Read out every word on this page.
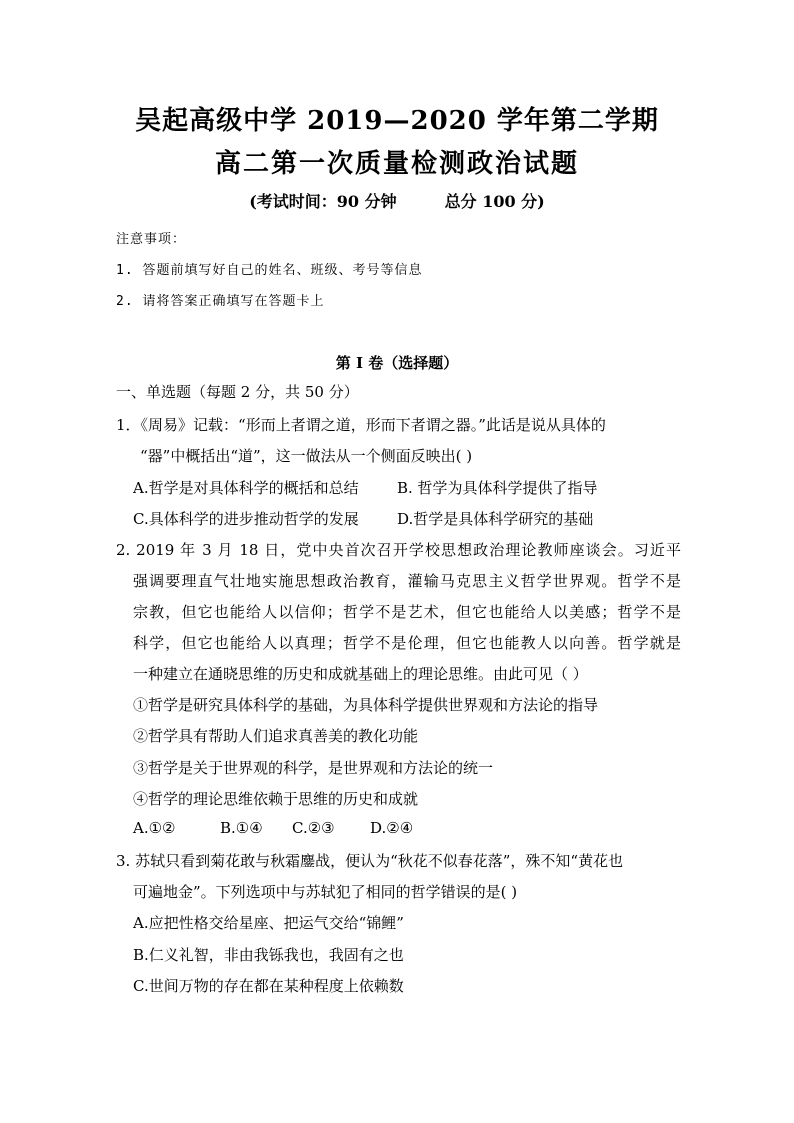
吴起高级中学 2019—2020 学年第二学期
高二第一次质量检测政治试题
(考试时间：90 分钟	总分 100 分)
注意事项：
1. 答题前填写好自己的姓名、班级、考号等信息
2. 请将答案正确填写在答题卡上
第 I 卷（选择题）
一、单选题（每题 2 分，共 50 分）
1．《周易》记载：“形而上者谓之道，形而下者谓之器。”此话是说从具体的
“器”中概括出“道”，这一做法从一个侧面反映出( )
A.哲学是对具体科学的概括和总结	B. 哲学为具体科学提供了指导
C.具体科学的进步推动哲学的发展	D.哲学是具体科学研究的基础
2. 2019 年 3 月 18 日，党中央首次召开学校思想政治理论教师座谈会。习近平
强调要理直气壮地实施思想政治教育，灌输马克思主义哲学世界观。哲学不是
宗教，但它也能给人以信仰；哲学不是艺术，但它也能给人以美感；哲学不是
科学，但它也能给人以真理；哲学不是伦理，但它也能教人以向善。哲学就是
一种建立在通晓思维的历史和成就基础上的理论思维。由此可见（ ）
①哲学是研究具体科学的基础，为具体科学提供世界观和方法论的指导
②哲学具有帮助人们追求真善美的教化功能
③哲学是关于世界观的科学，是世界观和方法论的统一
④哲学的理论思维依赖于思维的历史和成就
A.①②	B.①④ C.②③ D.②④
3. 苏轼只看到菊花敢与秋霜鏖战，便认为“秋花不似春花落”，殊不知“黄花也
可遍地金”。下列选项中与苏轼犯了相同的哲学错误的是( )
A.应把性格交给星座、把运气交给“锦鲤”
B.仁义礼智，非由我铄我也，我固有之也
C.世间万物的存在都在某种程度上依赖数
